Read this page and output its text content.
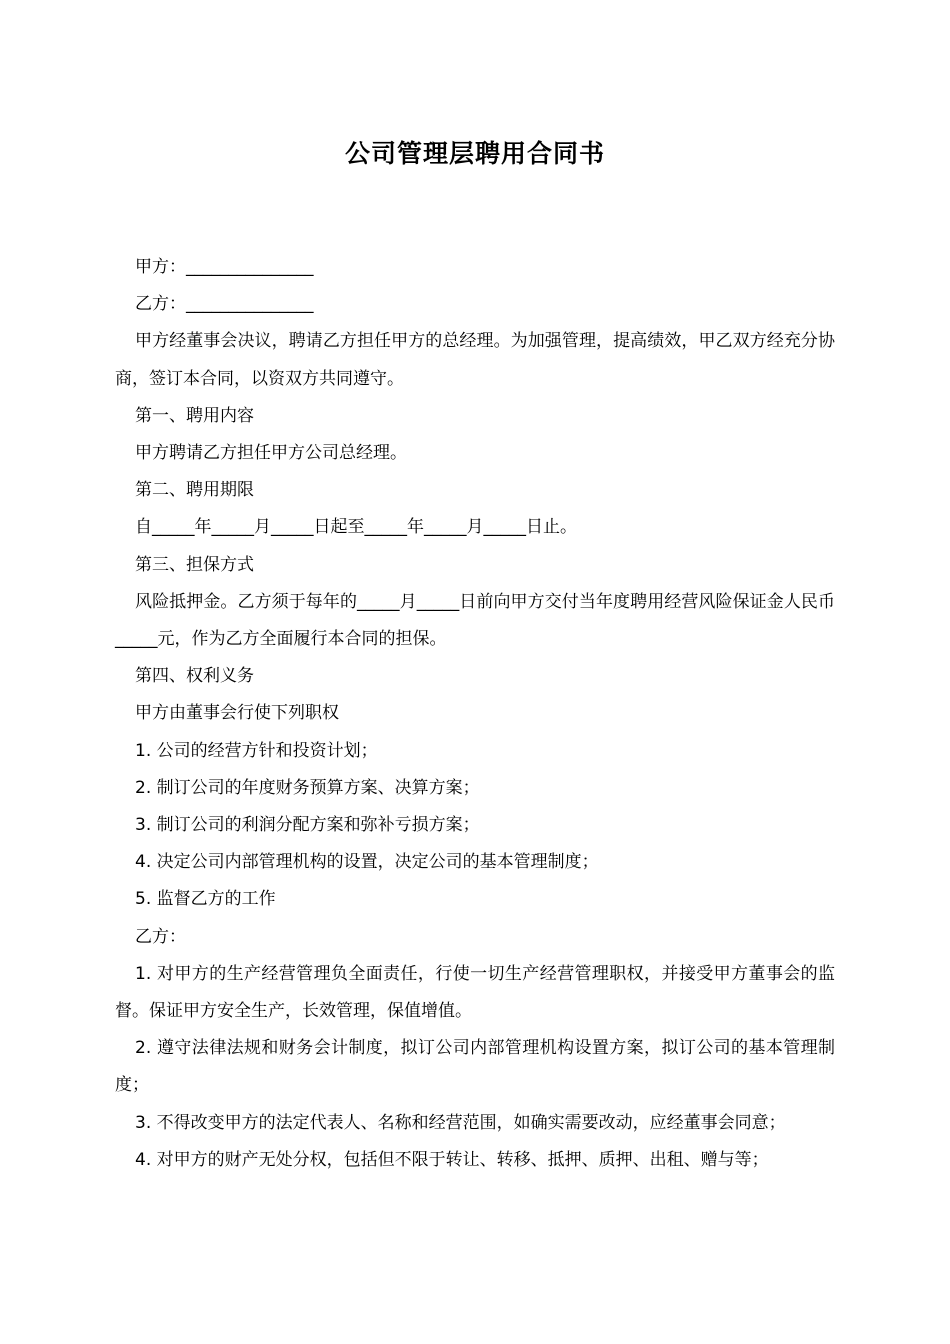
公司管理层聘用合同书

甲方：_______________

乙方：_______________

甲方经董事会决议，聘请乙方担任甲方的总经理。为加强管理，提高绩效，甲乙双方经充分协商，签订本合同，以资双方共同遵守。

第一、聘用内容

甲方聘请乙方担任甲方公司总经理。

第二、聘用期限

自_____年_____月_____日起至_____年_____月_____日止。

第三、担保方式

风险抵押金。乙方须于每年的_____月_____日前向甲方交付当年度聘用经营风险保证金人民币_____元，作为乙方全面履行本合同的担保。

第四、权利义务

甲方由董事会行使下列职权

1. 公司的经营方针和投资计划；

2. 制订公司的年度财务预算方案、决算方案；

3. 制订公司的利润分配方案和弥补亏损方案；

4. 决定公司内部管理机构的设置，决定公司的基本管理制度；

5. 监督乙方的工作

乙方：

1. 对甲方的生产经营管理负全面责任，行使一切生产经营管理职权，并接受甲方董事会的监督。保证甲方安全生产，长效管理，保值增值。

2. 遵守法律法规和财务会计制度，拟订公司内部管理机构设置方案，拟订公司的基本管理制度；

3. 不得改变甲方的法定代表人、名称和经营范围，如确实需要改动，应经董事会同意；

4. 对甲方的财产无处分权，包括但不限于转让、转移、抵押、质押、出租、赠与等；
